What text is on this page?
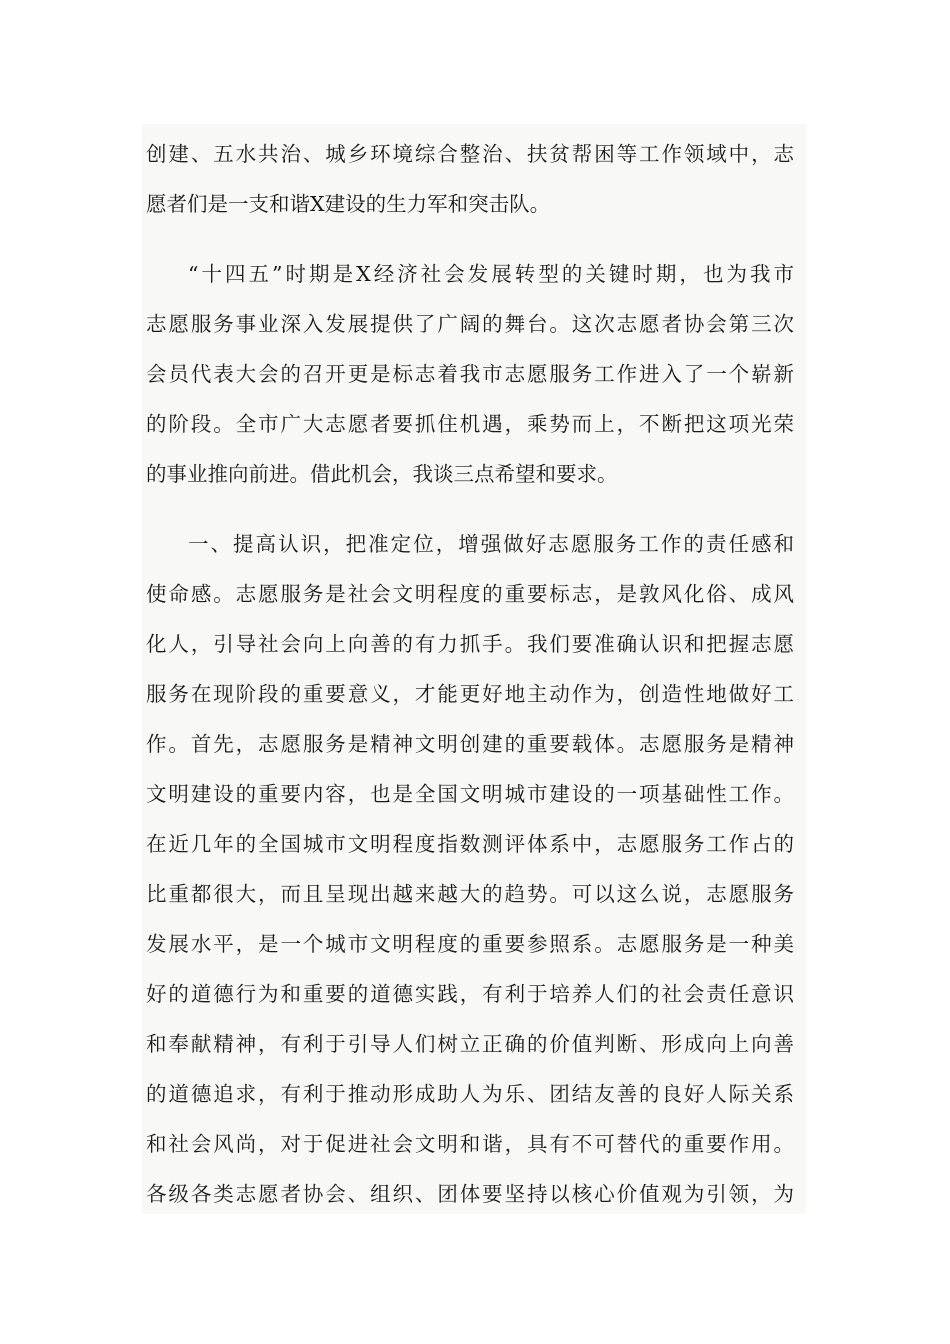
创建、五水共治、城乡环境综合整治、扶贫帮困等工作领域中，志
愿者们是一支和谐X建设的生力军和突击队。
“十四五”时期是X经济社会发展转型的关键时期，也为我市
志愿服务事业深入发展提供了广阔的舞台。这次志愿者协会第三次
会员代表大会的召开更是标志着我市志愿服务工作进入了一个崭新
的阶段。全市广大志愿者要抓住机遇，乘势而上，不断把这项光荣
的事业推向前进。借此机会，我谈三点希望和要求。
一、提高认识，把准定位，增强做好志愿服务工作的责任感和
使命感。志愿服务是社会文明程度的重要标志，是敦风化俗、成风
化人，引导社会向上向善的有力抓手。我们要准确认识和把握志愿
服务在现阶段的重要意义，才能更好地主动作为，创造性地做好工
作。首先，志愿服务是精神文明创建的重要载体。志愿服务是精神
文明建设的重要内容，也是全国文明城市建设的一项基础性工作。
在近几年的全国城市文明程度指数测评体系中，志愿服务工作占的
比重都很大，而且呈现出越来越大的趋势。可以这么说，志愿服务
发展水平，是一个城市文明程度的重要参照系。志愿服务是一种美
好的道德行为和重要的道德实践，有利于培养人们的社会责任意识
和奉献精神，有利于引导人们树立正确的价值判断、形成向上向善
的道德追求，有利于推动形成助人为乐、团结友善的良好人际关系
和社会风尚，对于促进社会文明和谐，具有不可替代的重要作用。
各级各类志愿者协会、组织、团体要坚持以核心价值观为引领，为
